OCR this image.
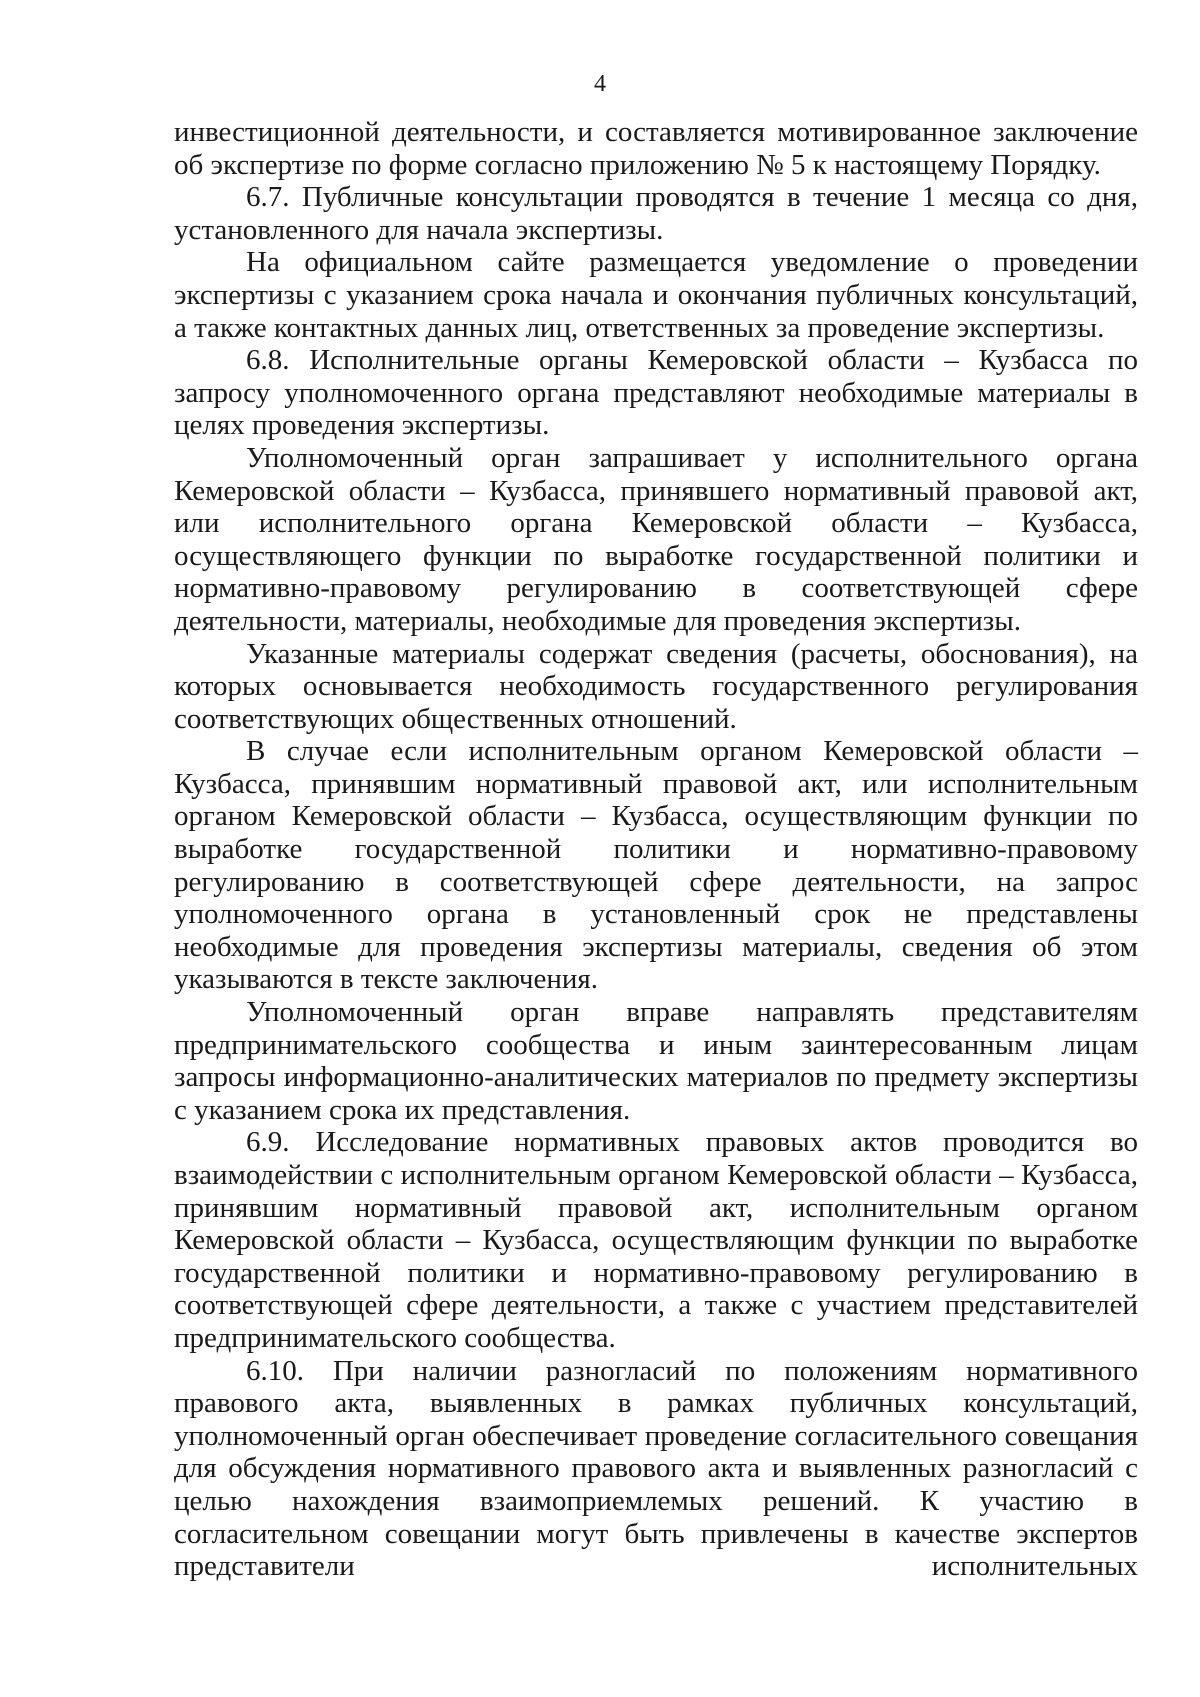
4

инвестиционной деятельности, и составляется мотивированное заключение об экспертизе по форме согласно приложению № 5 к настоящему Порядку.

6.7. Публичные консультации проводятся в течение 1 месяца со дня, установленного для начала экспертизы.

На официальном сайте размещается уведомление о проведении экспертизы с указанием срока начала и окончания публичных консультаций, а также контактных данных лиц, ответственных за проведение экспертизы.

6.8. Исполнительные органы Кемеровской области – Кузбасса по запросу уполномоченного органа представляют необходимые материалы в целях проведения экспертизы.

Уполномоченный орган запрашивает у исполнительного органа Кемеровской области – Кузбасса, принявшего нормативный правовой акт, или исполнительного органа Кемеровской области – Кузбасса, осуществляющего функции по выработке государственной политики и нормативно-правовому регулированию в соответствующей сфере деятельности, материалы, необходимые для проведения экспертизы.

Указанные материалы содержат сведения (расчеты, обоснования), на которых основывается необходимость государственного регулирования соответствующих общественных отношений.

В случае если исполнительным органом Кемеровской области – Кузбасса, принявшим нормативный правовой акт, или исполнительным органом Кемеровской области – Кузбасса, осуществляющим функции по выработке государственной политики и нормативно-правовому регулированию в соответствующей сфере деятельности, на запрос уполномоченного органа в установленный срок не представлены необходимые для проведения экспертизы материалы, сведения об этом указываются в тексте заключения.

Уполномоченный орган вправе направлять представителям предпринимательского сообщества и иным заинтересованным лицам запросы информационно-аналитических материалов по предмету экспертизы с указанием срока их представления.

6.9. Исследование нормативных правовых актов проводится во взаимодействии с исполнительным органом Кемеровской области – Кузбасса, принявшим нормативный правовой акт, исполнительным органом Кемеровской области – Кузбасса, осуществляющим функции по выработке государственной политики и нормативно-правовому регулированию в соответствующей сфере деятельности, а также с участием представителей предпринимательского сообщества.

6.10. При наличии разногласий по положениям нормативного правового акта, выявленных в рамках публичных консультаций, уполномоченный орган обеспечивает проведение согласительного совещания для обсуждения нормативного правового акта и выявленных разногласий с целью нахождения взаимоприемлемых решений. К участию в согласительном совещании могут быть привлечены в качестве экспертов представители исполнительных
